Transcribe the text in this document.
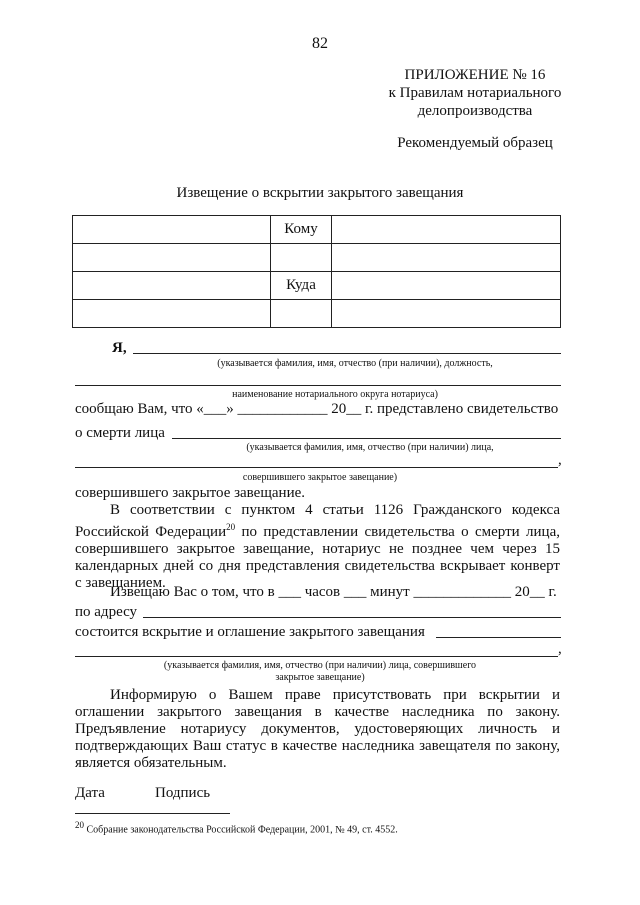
82
ПРИЛОЖЕНИЕ № 16
к Правилам нотариального
делопроизводства
Рекомендуемый образец
Извещение о вскрытии закрытого завещания
	Кому	

	Куда	

Я,
(указывается фамилия, имя, отчество (при наличии), должность,
наименование нотариального округа нотариуса)
сообщаю Вам, что «___» ____________ 20__ г. представлено свидетельство
о смерти лица
(указывается фамилия, имя, отчество (при наличии) лица,
,
совершившего закрытое завещание)
совершившего закрытое завещание.
В соответствии с пунктом 4 статьи 1126 Гражданского кодекса Российской Федерации$^{20}$ по представлении свидетельства о смерти лица, совершившего закрытое завещание, нотариус не позднее чем через 15 календарных дней со дня представления свидетельства вскрывает конверт с завещанием.
Извещаю Вас о том, что в ___ часов ___ минут _____________ 20__ г.
по адресу
состоится вскрытие и оглашение закрытого завещания
,
(указывается фамилия, имя, отчество (при наличии) лица, совершившего
закрытое завещание)
Информирую о Вашем праве присутствовать при вскрытии и оглашении закрытого завещания в качестве наследника по закону. Предъявление нотариусу документов, удостоверяющих личность и подтверждающих Ваш статус в качестве наследника завещателя по закону, является обязательным.
Дата	Подпись
$^{20}$ Собрание законодательства Российской Федерации, 2001, № 49, ст. 4552.
